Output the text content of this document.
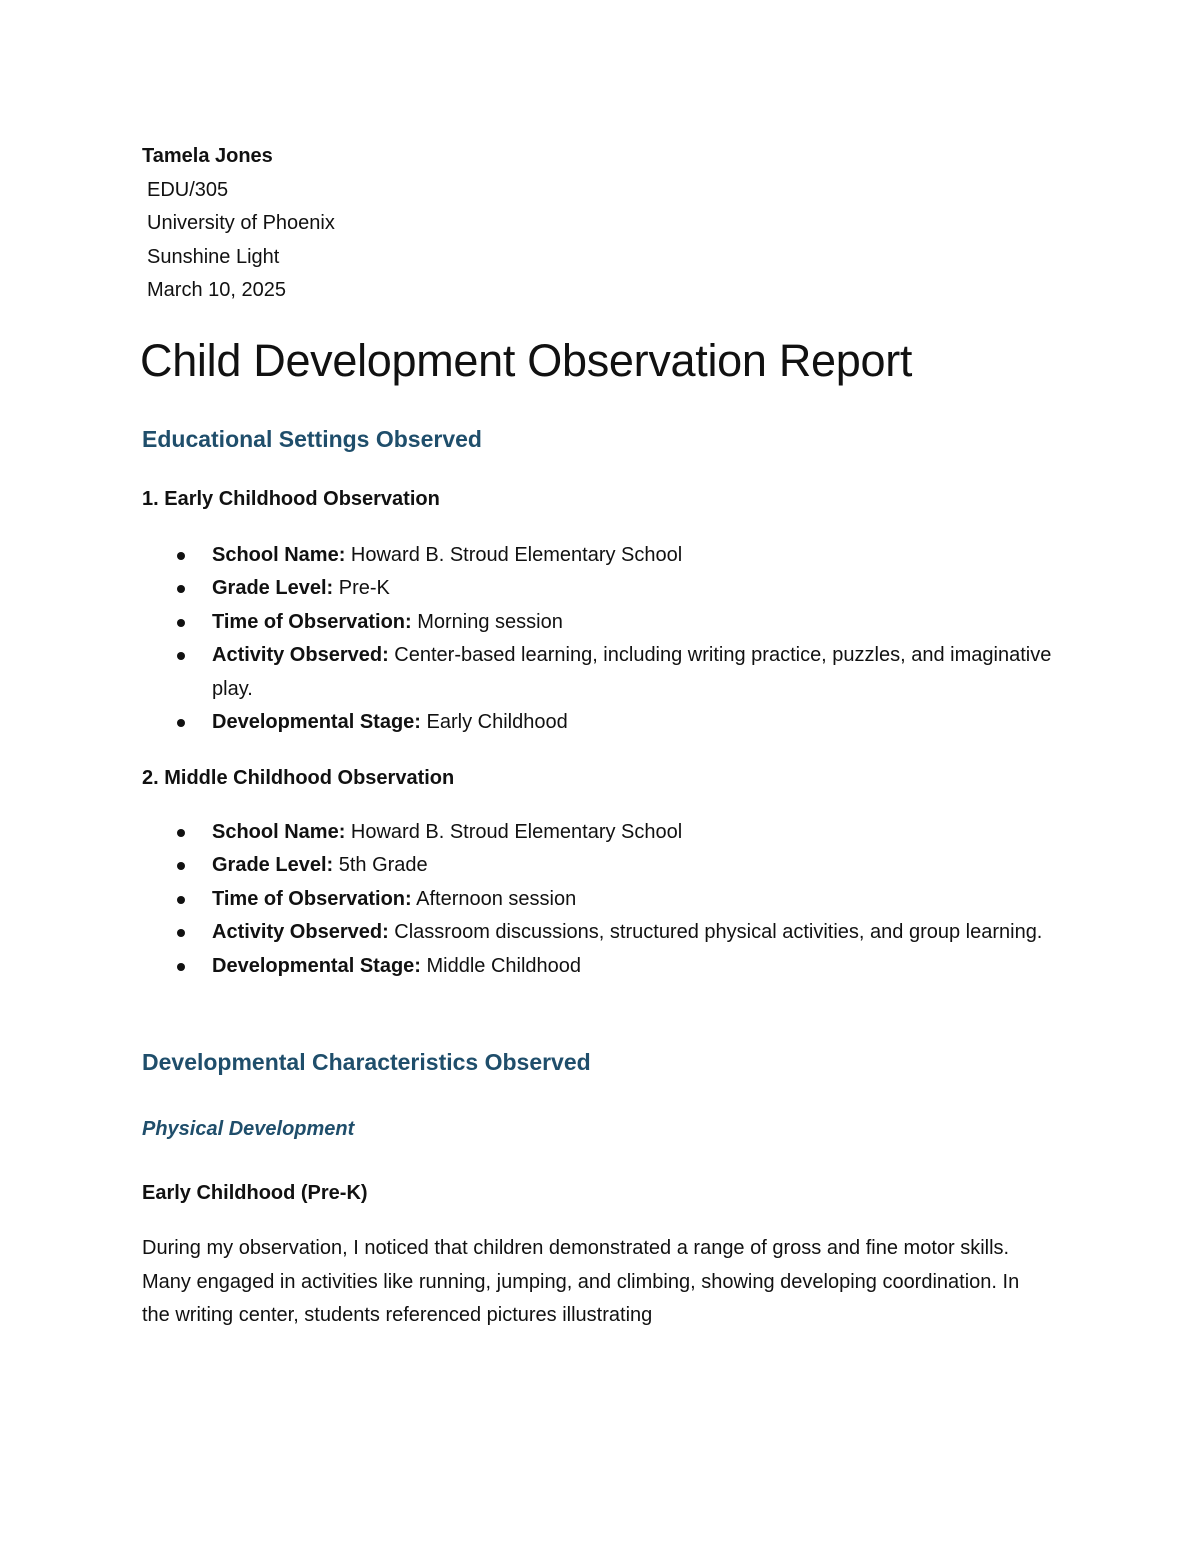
Tamela Jones
EDU/305
University of Phoenix
Sunshine Light
March 10, 2025
Child Development Observation Report
Educational Settings Observed
1. Early Childhood Observation
School Name: Howard B. Stroud Elementary School
Grade Level: Pre-K
Time of Observation: Morning session
Activity Observed: Center-based learning, including writing practice, puzzles, and imaginative play.
Developmental Stage: Early Childhood
2. Middle Childhood Observation
School Name: Howard B. Stroud Elementary School
Grade Level: 5th Grade
Time of Observation: Afternoon session
Activity Observed: Classroom discussions, structured physical activities, and group learning.
Developmental Stage: Middle Childhood
Developmental Characteristics Observed
Physical Development
Early Childhood (Pre-K)

During my observation, I noticed that children demonstrated a range of gross and fine motor skills. Many engaged in activities like running, jumping, and climbing, showing developing coordination. In the writing center, students referenced pictures illustrating
